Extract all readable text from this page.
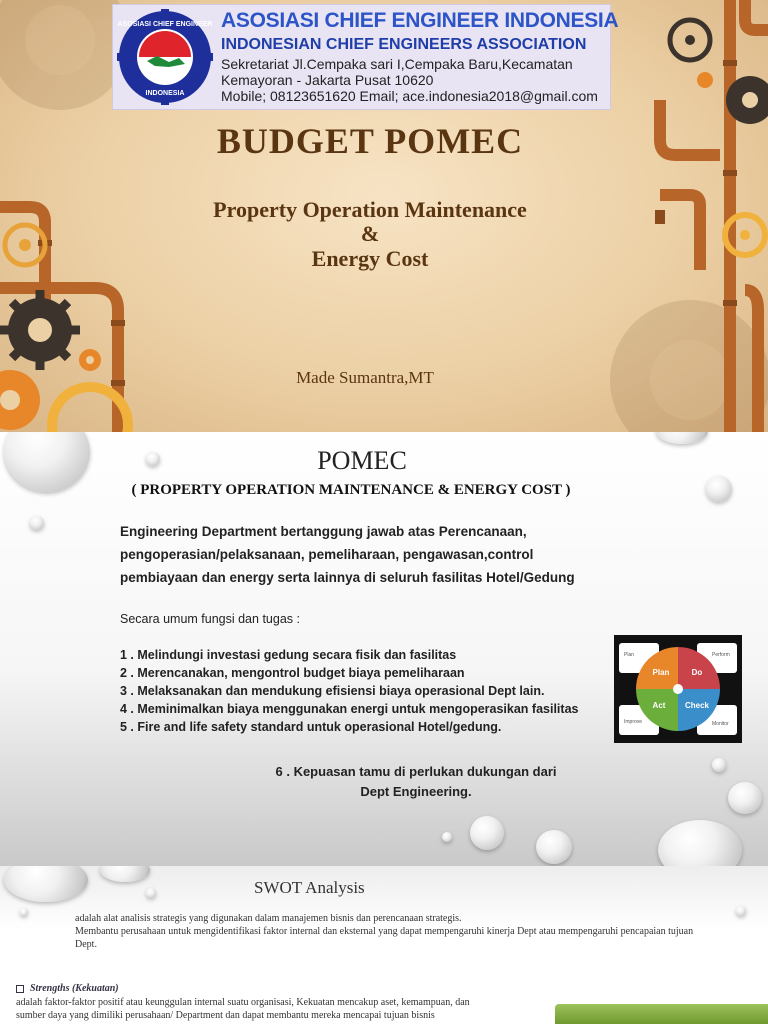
ASOSIASI CHIEF ENGINEER
INDONESIA
ASOSIASI CHIEF ENGINEER INDONESIA
INDONESIAN CHIEF ENGINEERS ASSOCIATION
Sekretariat Jl.Cempaka sari I,Cempaka Baru,Kecamatan
Kemayoran - Jakarta Pusat 10620
Mobile; 08123651620 Email; ace.indonesia2018@gmail.com
BUDGET POMEC
Property Operation Maintenance
&
Energy Cost
Made Sumantra,MT
POMEC
( PROPERTY OPERATION MAINTENANCE & ENERGY COST )
Engineering Department bertanggung jawab atas Perencanaan,
pengoperasian/pelaksanaan, pemeliharaan, pengawasan,control
pembiayaan dan energy serta lainnya di seluruh fasilitas Hotel/Gedung
Secara umum fungsi dan tugas :
1 . Melindungi investasi gedung secara fisik dan fasilitas
2 . Merencanakan, mengontrol budget biaya pemeliharaan
3 . Melaksanakan dan mendukung efisiensi biaya operasional Dept lain.
4 . Meminimalkan biaya menggunakan energi untuk mengoperasikan fasilitas
5 . Fire and life safety standard untuk operasional Hotel/gedung.
6 . Kepuasan tamu di perlukan dukungan dari
Dept Engineering.
Plan	Perform
Improve	Monitor
Plan	Do
Check
Act
SWOT Analysis
adalah alat analisis strategis yang digunakan dalam manajemen bisnis dan perencanaan strategis.
Membantu perusahaan untuk mengidentifikasi faktor internal dan eksternal yang dapat mempengaruhi kinerja Dept atau mempengaruhi pencapaian tujuan Dept.
Strengths (Kekuatan)
adalah faktor-faktor positif atau keunggulan internal suatu organisasi, Kekuatan mencakup aset, kemampuan, dan
sumber daya yang dimiliki perusahaan/ Department dan dapat membantu mereka mencapai tujuan bisnis
